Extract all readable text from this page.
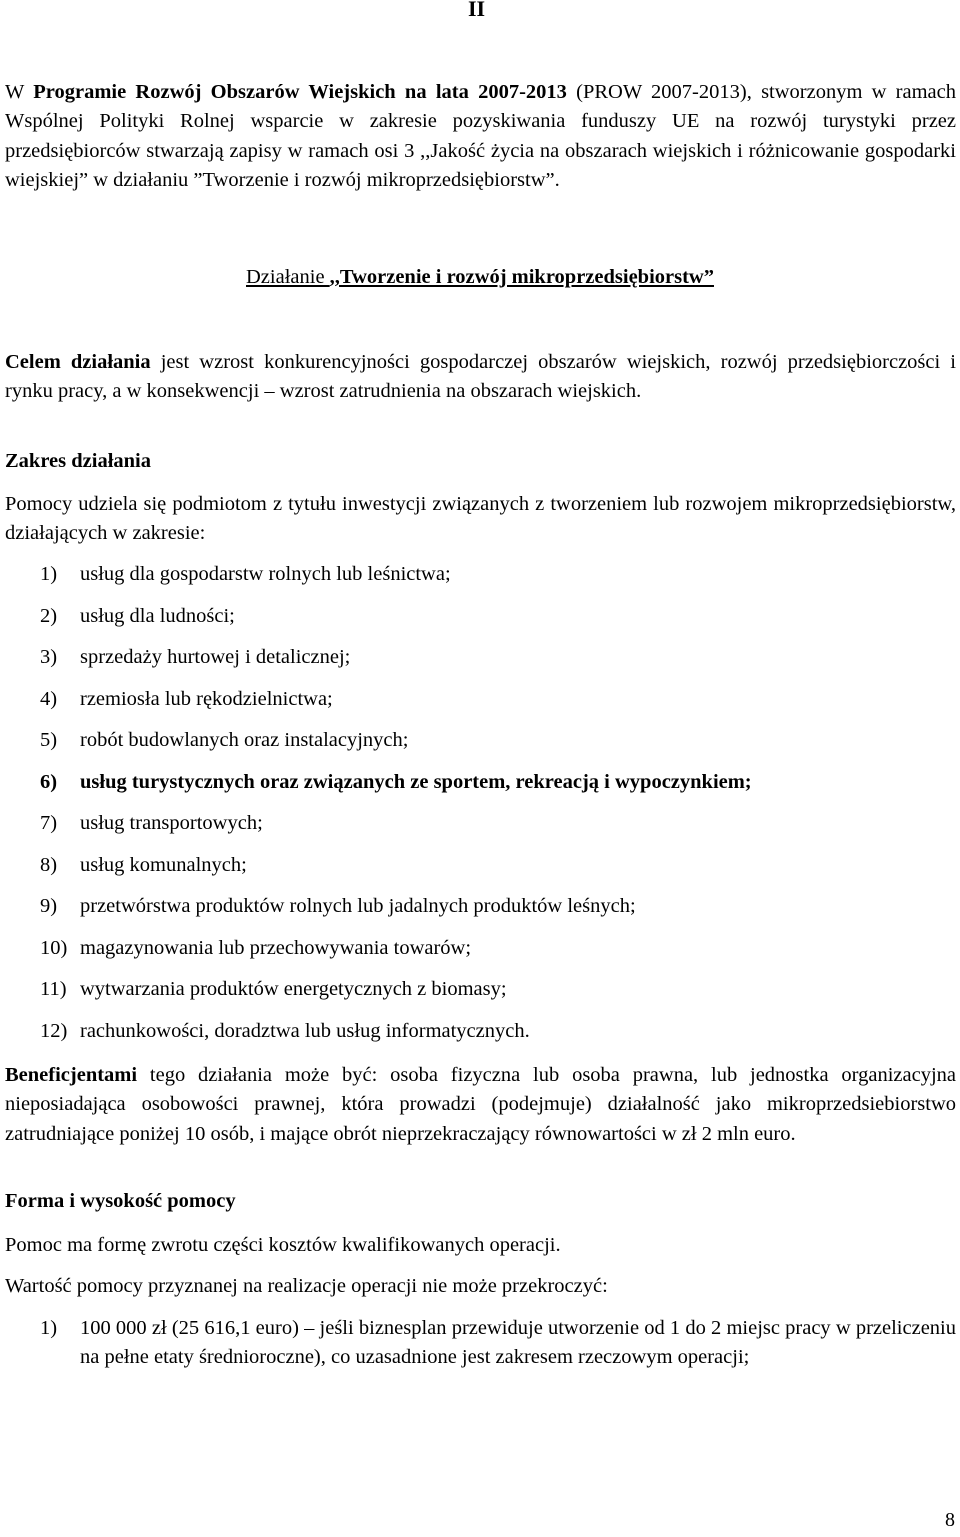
II
W Programie Rozwój Obszarów Wiejskich na lata 2007-2013 (PROW 2007-2013), stworzonym w ramach Wspólnej Polityki Rolnej wsparcie w zakresie pozyskiwania funduszy UE na rozwój turystyki przez przedsiębiorców stwarzają zapisy w ramach osi 3 ,,Jakość życia na obszarach wiejskich i różnicowanie gospodarki wiejskiej” w działaniu ”Tworzenie i rozwój mikroprzedsiębiorstw”.
Działanie ,,Tworzenie i rozwój mikroprzedsiębiorstw”
Celem działania jest wzrost konkurencyjności gospodarczej obszarów wiejskich, rozwój przedsiębiorczości i rynku pracy, a w konsekwencji – wzrost zatrudnienia na obszarach wiejskich.
Zakres działania
Pomocy udziela się podmiotom z tytułu inwestycji związanych z tworzeniem lub rozwojem mikroprzedsiębiorstw, działających w zakresie:
1) usług dla gospodarstw rolnych lub leśnictwa;
2) usług dla ludności;
3) sprzedaży hurtowej i detalicznej;
4) rzemiosła lub rękodzielnictwa;
5) robót budowlanych oraz instalacyjnych;
6) usług turystycznych oraz związanych ze sportem, rekreacją i wypoczynkiem;
7) usług transportowych;
8) usług komunalnych;
9) przetwórstwa produktów rolnych lub jadalnych produktów leśnych;
10) magazynowania lub przechowywania towarów;
11) wytwarzania produktów energetycznych z biomasy;
12) rachunkowości, doradztwa lub usług informatycznych.
Beneficjentami tego działania może być: osoba fizyczna lub osoba prawna, lub jednostka organizacyjna nieposiadająca osobowości prawnej, która prowadzi (podejmuje) działalność jako mikroprzedsiebiorstwo zatrudniające poniżej 10 osób, i mające obrót nieprzekraczający równowartości w zł 2 mln euro.
Forma i wysokość pomocy
Pomoc ma formę zwrotu części kosztów kwalifikowanych operacji.
Wartość pomocy przyznanej na realizacje operacji nie może przekroczyć:
1)	100 000 zł (25 616,1 euro) – jeśli biznesplan przewiduje utworzenie od 1 do 2 miejsc pracy w przeliczeniu na pełne etaty średnioroczne), co uzasadnione jest zakresem rzeczowym operacji;
8
